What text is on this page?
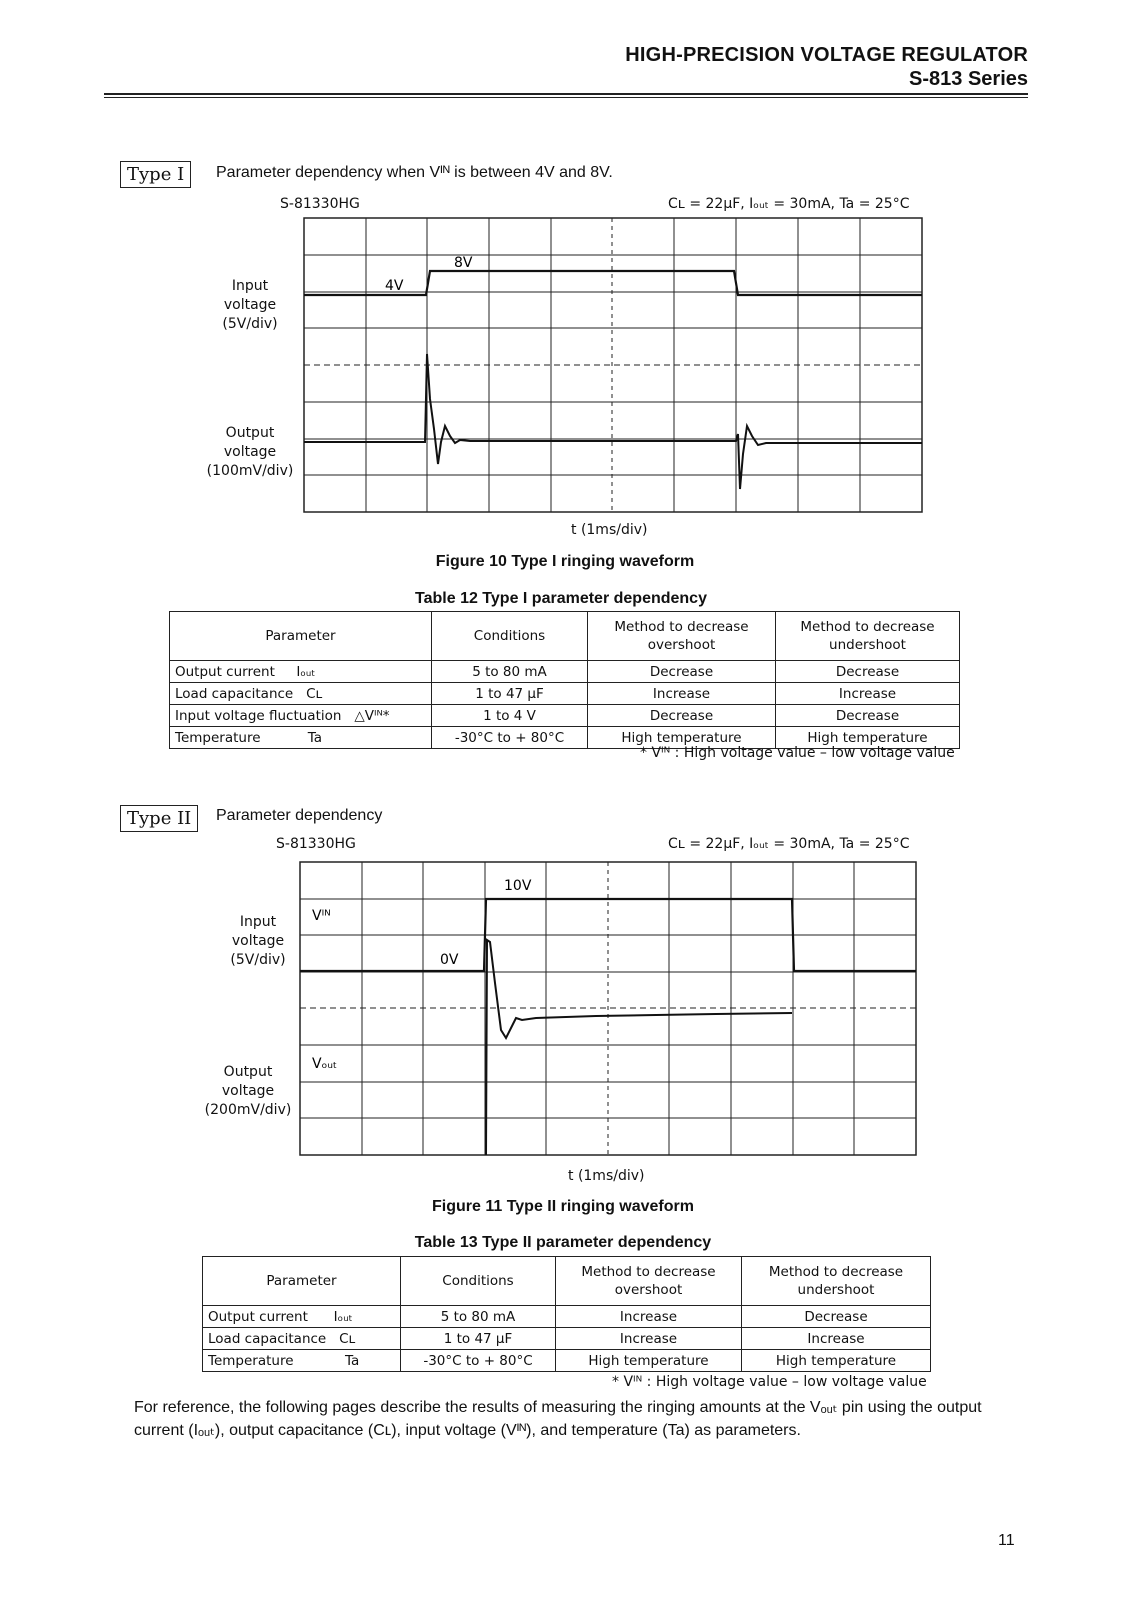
HIGH-PRECISION VOLTAGE REGULATOR
S-813 Series
Type I	Parameter dependency when Vᴵᴺ is between 4V and 8V.
S-81330HG	Cʟ = 22μF, Iₒᵤₜ = 30mA, Ta = 25°C
Input
voltage
(5V/div)
Output
voltage
(100mV/div)
4V
8V
t (1ms/div)
Figure 10 Type I ringing waveform
Table 12 Type I parameter dependency
Parameter	Conditions	Method to decrease overshoot	Method to decrease undershoot
Output current Iₒᵤₜ	5 to 80 mA	Decrease	Decrease
Load capacitance Cʟ	1 to 47 μF	Increase	Increase
Input voltage fluctuation △Vᴵᴺ*	1 to 4 V	Decrease	Decrease
Temperature Ta	-30°C to + 80°C	High temperature	High temperature
* Vᴵᴺ : High voltage value – low voltage value
Type II	Parameter dependency
S-81330HG	Cʟ = 22μF, Iₒᵤₜ = 30mA, Ta = 25°C
Input
voltage
(5V/div)
Output
voltage
(200mV/div)
Vᴵᴺ
Vₒᵤₜ
0V
10V
t (1ms/div)
Figure 11 Type II ringing waveform
Table 13 Type II parameter dependency
Parameter	Conditions	Method to decrease overshoot	Method to decrease undershoot
Output current Iₒᵤₜ	5 to 80 mA	Increase	Decrease
Load capacitance Cʟ	1 to 47 μF	Increase	Increase
Temperature Ta	-30°C to + 80°C	High temperature	High temperature
* Vᴵᴺ : High voltage value – low voltage value
For reference, the following pages describe the results of measuring the ringing amounts at the Vₒᵤₜ pin using the output current (Iₒᵤₜ), output capacitance (Cʟ), input voltage (Vᴵᴺ), and temperature (Ta) as parameters.
11
